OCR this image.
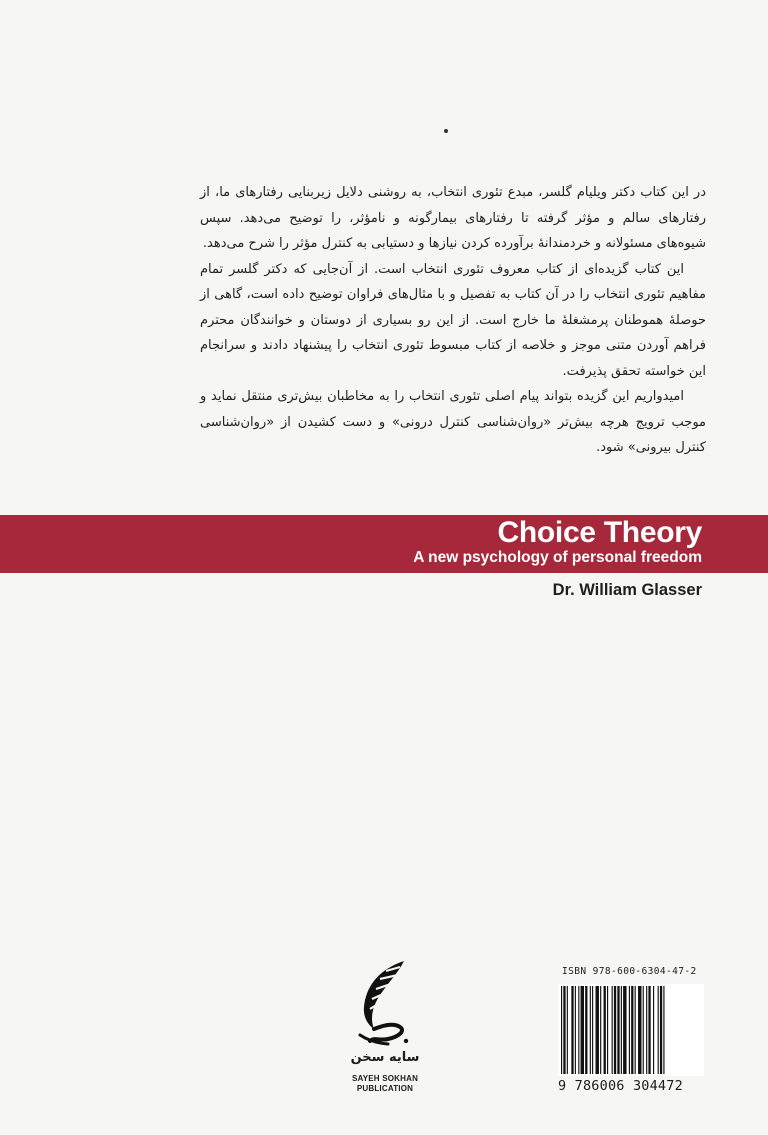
در این کتاب دکتر ویلیام گلسر، مبدع تئوری انتخاب، به روشنی دلایل زیربنایی رفتارهای ما، از رفتارهای سالم و مؤثر گرفته تا رفتارهای بیمارگونه و نامؤثر، را توضیح می‌دهد. سپس شیوه‌های مسئولانه و خردمندانهٔ برآورده کردن نیازها و دستیابی به کنترل مؤثر را شرح می‌دهد.

این کتاب گزیده‌ای از کتاب معروف تئوری انتخاب است. از آن‌جایی که دکتر گلسر تمام مفاهیم تئوری انتخاب را در آن کتاب به تفصیل و با مثال‌های فراوان توضیح داده است، گاهی از حوصلهٔ هموطنان پرمشغلهٔ ما خارج است. از این رو بسیاری از دوستان و خوانندگان محترم فراهم آوردن متنی موجز و خلاصه از کتاب مبسوط تئوری انتخاب را پیشنهاد دادند و سرانجام این خواسته تحقق پذیرفت.

امیدواریم این گزیده بتواند پیام اصلی تئوری انتخاب را به مخاطبان بیش‌تری منتقل نماید و موجب ترویج هرچه بیش‌تر «روان‌شناسی کنترل درونی» و دست کشیدن از «روان‌شناسی کنترل بیرونی» شود.

Choice Theory
A new psychology of personal freedom
Dr. William Glasser
سایه سخن
SAYEH SOKHAN
PUBLICATION
ISBN 978-600-6304-47-2
9 786006 304472
